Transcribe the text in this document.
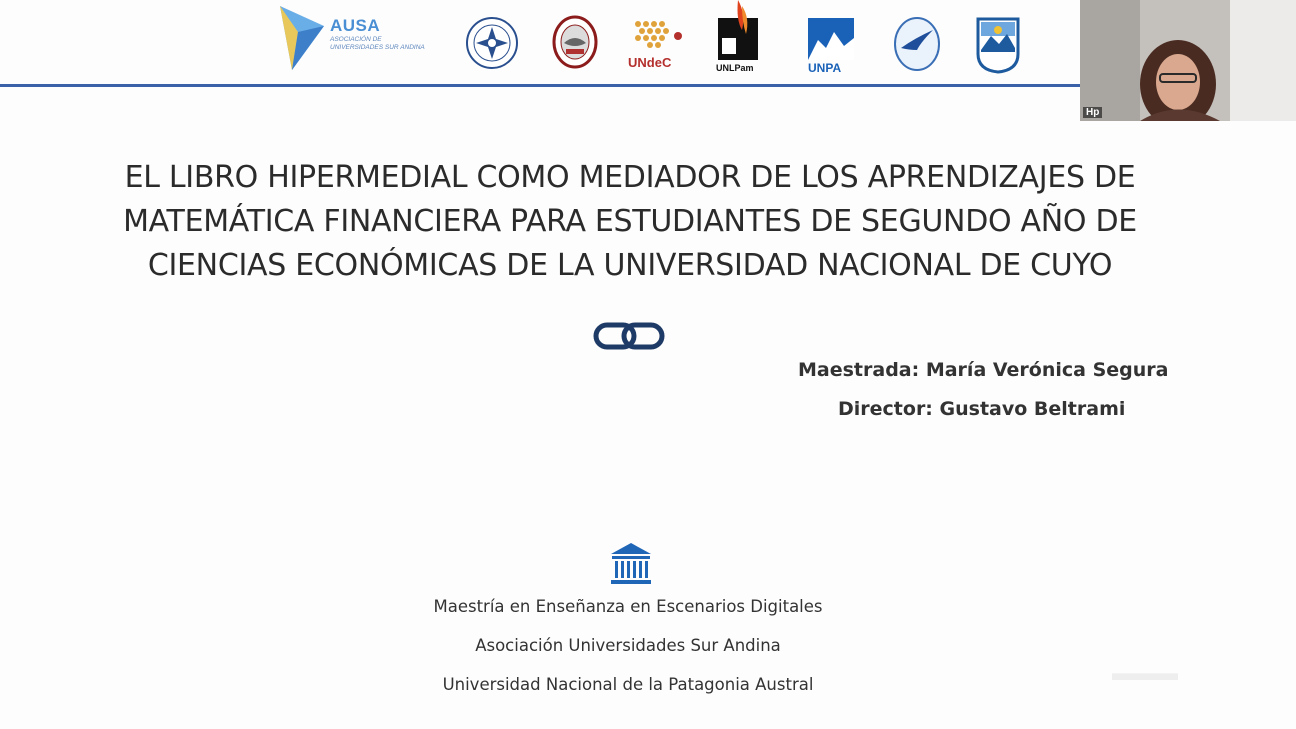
AUSA
ASOCIACIÓN DE
UNIVERSIDADES SUR ANDINA
UNdeC	UNLPam	UNPA
EL LIBRO HIPERMEDIAL COMO MEDIADOR DE LOS APRENDIZAJES DE
MATEMÁTICA FINANCIERA PARA ESTUDIANTES DE SEGUNDO AÑO DE
CIENCIAS ECONÓMICAS DE LA UNIVERSIDAD NACIONAL DE CUYO
Maestrada: María Verónica Segura
Director: Gustavo Beltrami
Maestría en Enseñanza en Escenarios Digitales
Asociación Universidades Sur Andina
Universidad Nacional de la Patagonia Austral	▬▬▬
Hp
